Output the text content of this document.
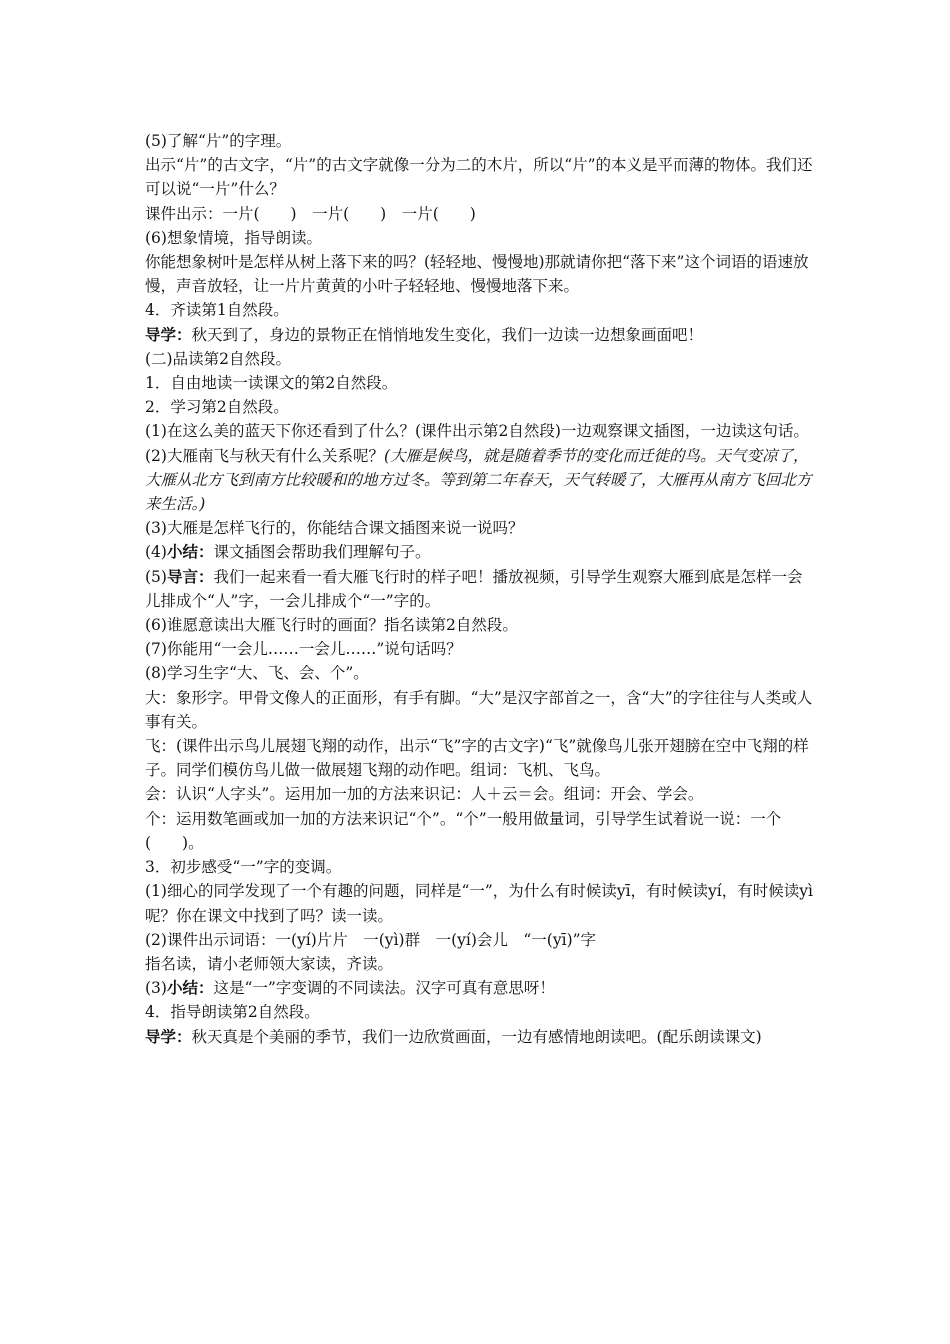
(5)了解“片”的字理。

出示“片”的古文字，“片”的古文字就像一分为二的木片，所以“片”的本义是平而薄的物体。我们还可以说“一片”什么？

课件出示：一片(　　)　一片(　　)　一片(　　)

(6)想象情境，指导朗读。

你能想象树叶是怎样从树上落下来的吗？(轻轻地、慢慢地)那就请你把“落下来”这个词语的语速放慢，声音放轻，让一片片黄黄的小叶子轻轻地、慢慢地落下来。

4．齐读第1自然段。

导学：秋天到了，身边的景物正在悄悄地发生变化，我们一边读一边想象画面吧！

(二)品读第2自然段。

1．自由地读一读课文的第2自然段。

2．学习第2自然段。

(1)在这么美的蓝天下你还看到了什么？(课件出示第2自然段)一边观察课文插图，一边读这句话。

(2)大雁南飞与秋天有什么关系呢？(大雁是候鸟，就是随着季节的变化而迁徙的鸟。天气变凉了，大雁从北方飞到南方比较暖和的地方过冬。等到第二年春天，天气转暖了，大雁再从南方飞回北方来生活。)

(3)大雁是怎样飞行的，你能结合课文插图来说一说吗？

(4)小结：课文插图会帮助我们理解句子。

(5)导言：我们一起来看一看大雁飞行时的样子吧！播放视频，引导学生观察大雁到底是怎样一会儿排成个“人”字，一会儿排成个“一”字的。

(6)谁愿意读出大雁飞行时的画面？指名读第2自然段。

(7)你能用“一会儿……一会儿……”说句话吗？

(8)学习生字“大、飞、会、个”。

大：象形字。甲骨文像人的正面形，有手有脚。“大”是汉字部首之一，含“大”的字往往与人类或人事有关。

飞：(课件出示鸟儿展翅飞翔的动作，出示“飞”字的古文字)“飞”就像鸟儿张开翅膀在空中飞翔的样子。同学们模仿鸟儿做一做展翅飞翔的动作吧。组词：飞机、飞鸟。

会：认识“人字头”。运用加一加的方法来识记：人＋云＝会。组词：开会、学会。

个：运用数笔画或加一加的方法来识记“个”。“个”一般用做量词，引导学生试着说一说：一个(　　)。

3．初步感受“一”字的变调。

(1)细心的同学发现了一个有趣的问题，同样是“一”，为什么有时候读yī，有时候读yí，有时候读yì呢？你在课文中找到了吗？读一读。

(2)课件出示词语：一(yí)片片　一(yì)群　一(yí)会儿　“一(yī)”字

指名读，请小老师领大家读，齐读。

(3)小结：这是“一”字变调的不同读法。汉字可真有意思呀！

4．指导朗读第2自然段。

导学：秋天真是个美丽的季节，我们一边欣赏画面，一边有感情地朗读吧。(配乐朗读课文)
